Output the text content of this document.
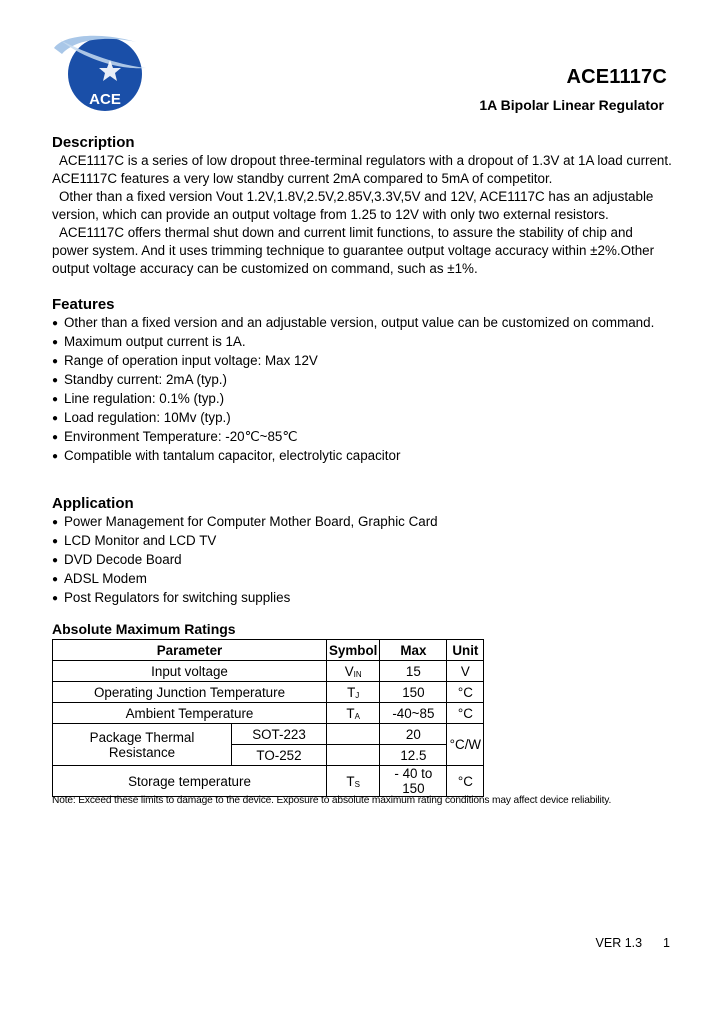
ACE
ACE1117C
1A Bipolar Linear Regulator
Description

ACE1117C is a series of low dropout three-terminal regulators with a dropout of 1.3V at 1A load current. ACE1117C features a very low standby current 2mA compared to 5mA of competitor.

Other than a fixed version Vout 1.2V,1.8V,2.5V,2.85V,3.3V,5V and 12V, ACE1117C has an adjustable version, which can provide an output voltage from 1.25 to 12V with only two external resistors.

ACE1117C offers thermal shut down and current limit functions, to assure the stability of chip and power system. And it uses trimming technique to guarantee output voltage accuracy within ±2%.Other output voltage accuracy can be customized on command, such as ±1%.

Features
● Other than a fixed version and an adjustable version, output value can be customized on command.
● Maximum output current is 1A.
● Range of operation input voltage: Max 12V
● Standby current: 2mA (typ.)
● Line regulation: 0.1% (typ.)
● Load regulation: 10Mv (typ.)
● Environment Temperature: -20℃~85℃
● Compatible with tantalum capacitor, electrolytic capacitor
Application
● Power Management for Computer Mother Board, Graphic Card
● LCD Monitor and LCD TV
● DVD Decode Board
● ADSL Modem
● Post Regulators for switching supplies
Absolute Maximum Ratings
Parameter		Symbol	Max	Unit
Input voltage		$V_{IN}$	15	V
Operating Junction Temperature		$T_J$	150	°C
Ambient Temperature		$T_A$	-40~85	°C
Package Thermal Resistance	SOT-223		20	°C/W
	TO-252		12.5	
Storage temperature		$T_S$	- 40 to 150	°C
Note: Exceed these limits to damage to the device. Exposure to absolute maximum rating conditions may affect device reliability.
VER 1.3 1
